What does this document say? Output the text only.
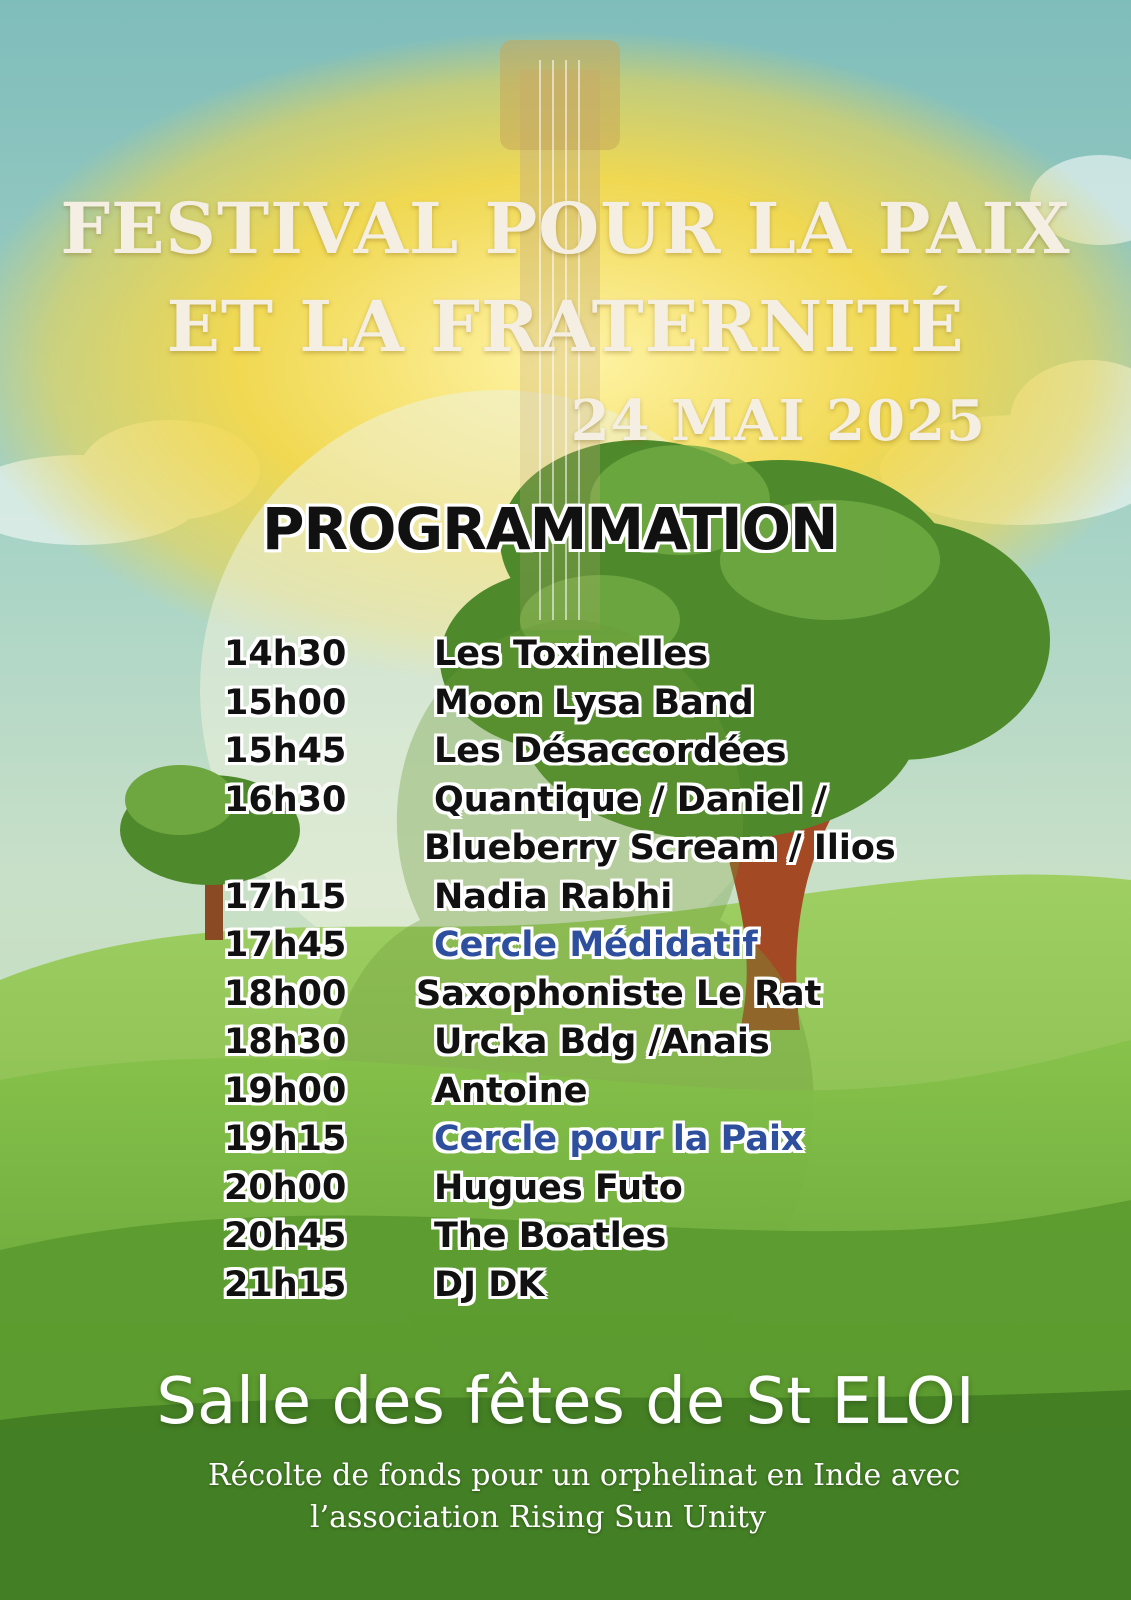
FESTIVAL POUR LA PAIX
ET LA FRATERNITÉ
24 MAI 2025
PROGRAMMATION
14h30	Les Toxinelles
15h00	Moon Lysa Band
15h45	Les Désaccordées
16h30	Quantique / Daniel /
Blueberry Scream / Ilios
17h15	Nadia Rabhi
17h45	Cercle Médidatif
18h00 Saxophoniste Le Rat
18h30	Urcka Bdg /Anais
19h00	Antoine
19h15	Cercle pour la Paix
20h00	Hugues Futo
20h45	The Boatles
21h15	DJ DK
Salle des fêtes de St ELOI
Récolte de fonds pour un orphelinat en Inde avec
l’association Rising Sun Unity
